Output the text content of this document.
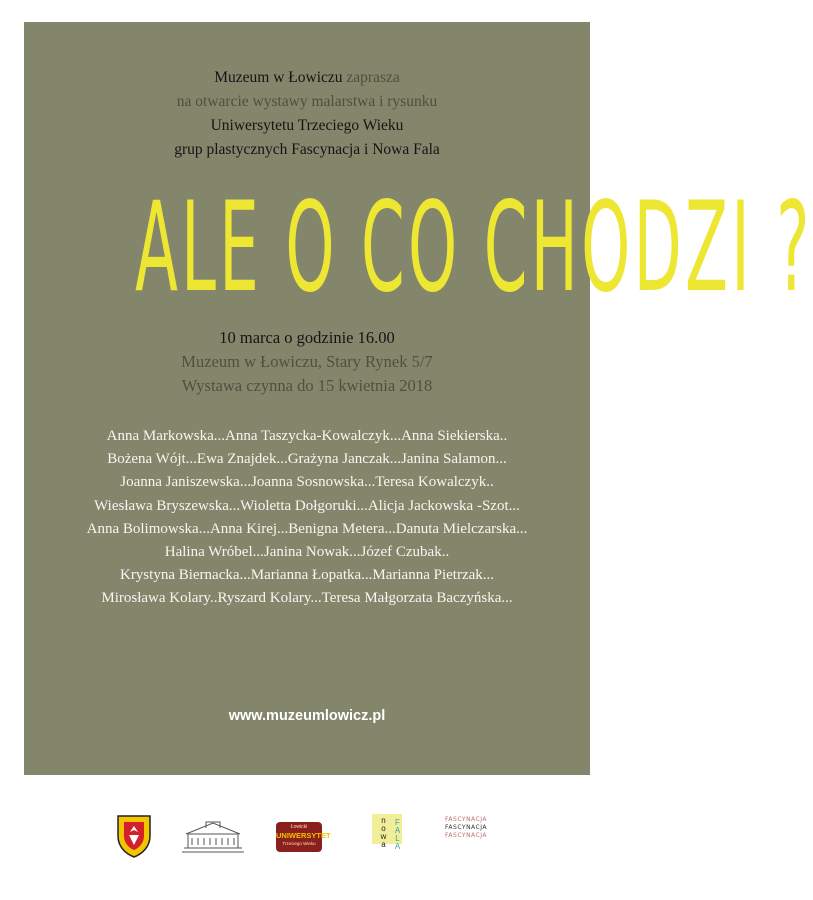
Muzeum w Łowiczu zaprasza
na otwarcie wystawy malarstwa i rysunku
Uniwersytetu Trzeciego Wieku
grup plastycznych Fascynacja i Nowa Fala
ALE O CO CHODZI ?
10 marca o godzinie 16.00
Muzeum w Łowiczu, Stary Rynek 5/7
Wystawa czynna do 15 kwietnia 2018
Anna Markowska...Anna Taszycka-Kowalczyk...Anna Siekierska..
Bożena Wójt...Ewa Znajdek...Grażyna Janczak...Janina Salamon...
Joanna Janiszewska...Joanna Sosnowska...Teresa Kowalczyk..
Wiesława Bryszewska...Wioletta Dołgoruki...Alicja Jackowska -Szot...
Anna Bolimowska...Anna Kirej...Benigna Metera...Danuta Mielczarska...
Halina Wróbel...Janina Nowak...Józef Czubak..
Krystyna Biernacka...Marianna Łopatka...Marianna Pietrzak...
Mirosława Kolary..Ryszard Kolary...Teresa Małgorzata Baczyńska...
www.muzeumlowicz.pl
Łowicki
UNIWERSYTET
Trzeciego Wieku	nowa FALA	FASCYNACJA
FASCYNACJA
FASCYNACJA
